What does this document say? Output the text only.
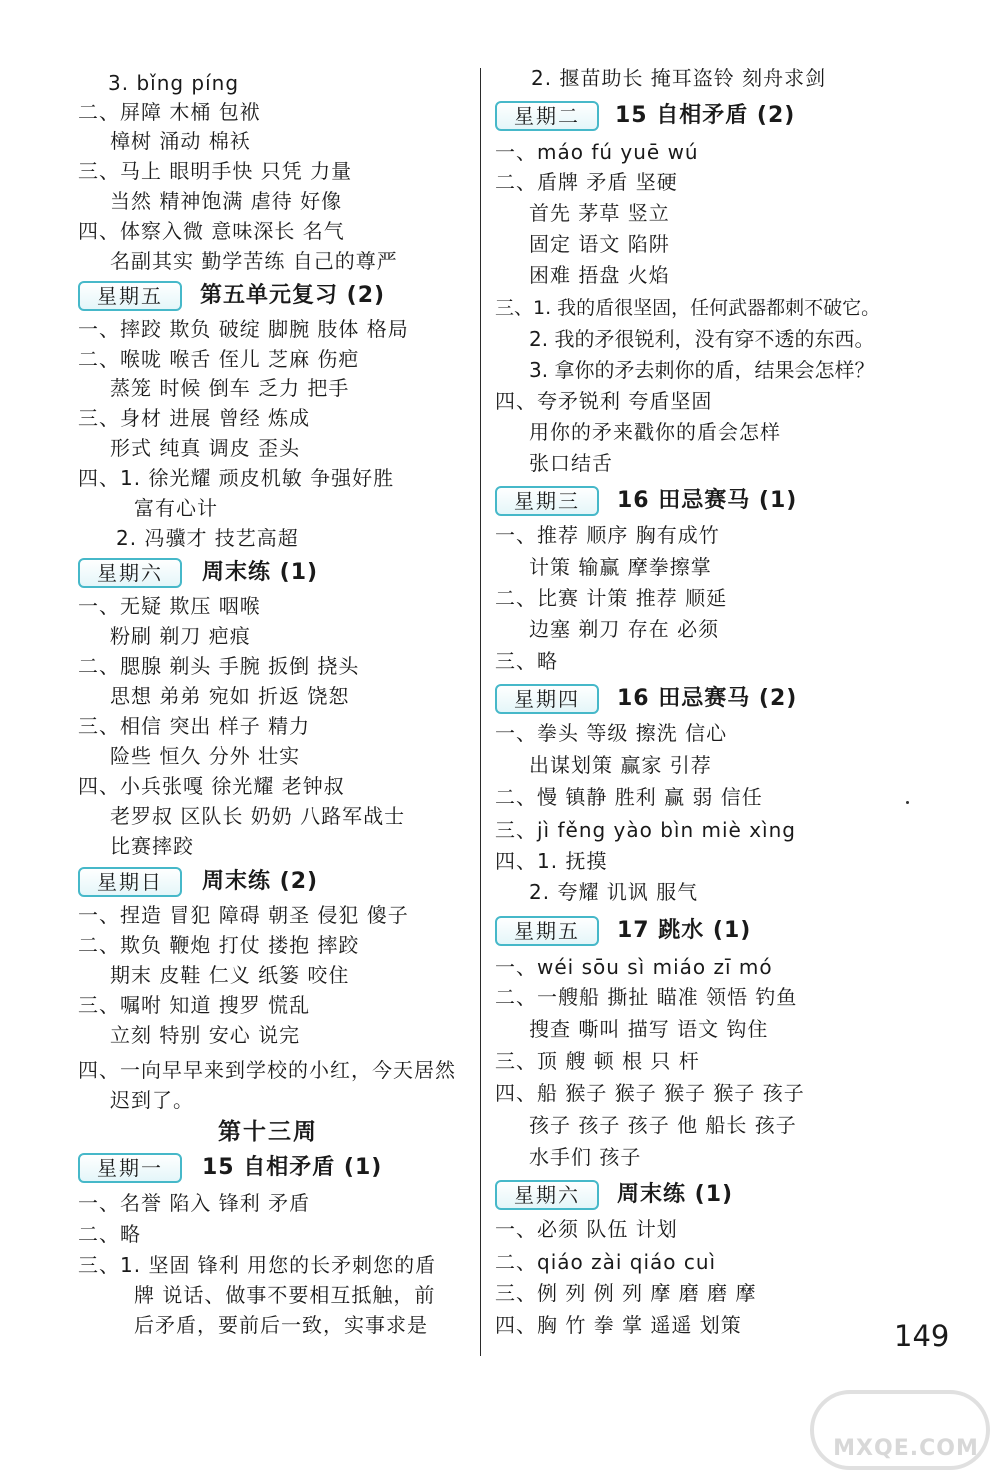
3. bǐng píng
二、屏障 木桶 包袱
樟树 涌动 棉袄
三、马上 眼明手快 只凭 力量
当然 精神饱满 虐待 好像
四、体察入微 意味深长 名气
名副其实 勤学苦练 自己的尊严
星期五	第五单元复习 (2)
一、摔跤 欺负 破绽 脚腕 肢体 格局
二、喉咙 喉舌 侄儿 芝麻 伤疤
蒸笼 时候 倒车 乏力 把手
三、身材 进展 曾经 炼成
形式 纯真 调皮 歪头
四、1. 徐光耀 顽皮机敏 争强好胜
富有心计
2. 冯骥才 技艺高超
星期六	周末练 (1)
一、无疑 欺压 咽喉
粉刷 剃刀 疤痕
二、腮腺 剃头 手腕 扳倒 挠头
思想 弟弟 宛如 折返 饶恕
三、相信 突出 样子 精力
险些 恒久 分外 壮实
四、小兵张嘎 徐光耀 老钟叔
老罗叔 区队长 奶奶 八路军战士
比赛摔跤
星期日	周末练 (2)
一、捏造 冒犯 障碍 朝圣 侵犯 傻子
二、欺负 鞭炮 打仗 搂抱 摔跤
期末 皮鞋 仁义 纸篓 咬住
三、嘱咐 知道 搜罗 慌乱
立刻 特别 安心 说完
四、一向早早来到学校的小红，今天居然
迟到了。
第十三周
星期一	15 自相矛盾 (1)
一、名誉 陷入 锋利 矛盾
二、略
三、1. 坚固 锋利 用您的长矛刺您的盾
牌 说话、做事不要相互抵触，前
后矛盾，要前后一致，实事求是
2. 揠苗助长 掩耳盗铃 刻舟求剑
星期二	15 自相矛盾 (2)
一、máo fú yuē wú
二、盾牌 矛盾 坚硬
首先 茅草 竖立
固定 语文 陷阱
困难 捂盘 火焰
三、1. 我的盾很坚固，任何武器都刺不破它。
2. 我的矛很锐利，没有穿不透的东西。
3. 拿你的矛去刺你的盾，结果会怎样？
四、夸矛锐利 夸盾坚固
用你的矛来戳你的盾会怎样
张口结舌
星期三	16 田忌赛马 (1)
一、推荐 顺序 胸有成竹
计策 输赢 摩拳擦掌
二、比赛 计策 推荐 顺延
边塞 剃刀 存在 必须
三、略
星期四	16 田忌赛马 (2)
一、拳头 等级 擦洗 信心
出谋划策 赢家 引荐
二、慢 镇静 胜利 赢 弱 信任
三、jì fěng yào bìn miè xìng
四、1. 抚摸
2. 夸耀 讥讽 服气
星期五	17 跳水 (1)
一、wéi sōu sì miáo zī mó
二、一艘船 撕扯 瞄准 领悟 钓鱼
搜查 嘶叫 描写 语文 钩住
三、顶 艘 顿 根 只 杆
四、船 猴子 猴子 猴子 猴子 孩子
孩子 孩子 孩子 他 船长 孩子
水手们 孩子
星期六	周末练 (1)
一、必须 队伍 计划
二、qiáo zài qiáo cuì
三、例 列 例 列 摩 磨 磨 摩
四、胸 竹 拳 掌 遥遥 划策	149
MXQE.COM
